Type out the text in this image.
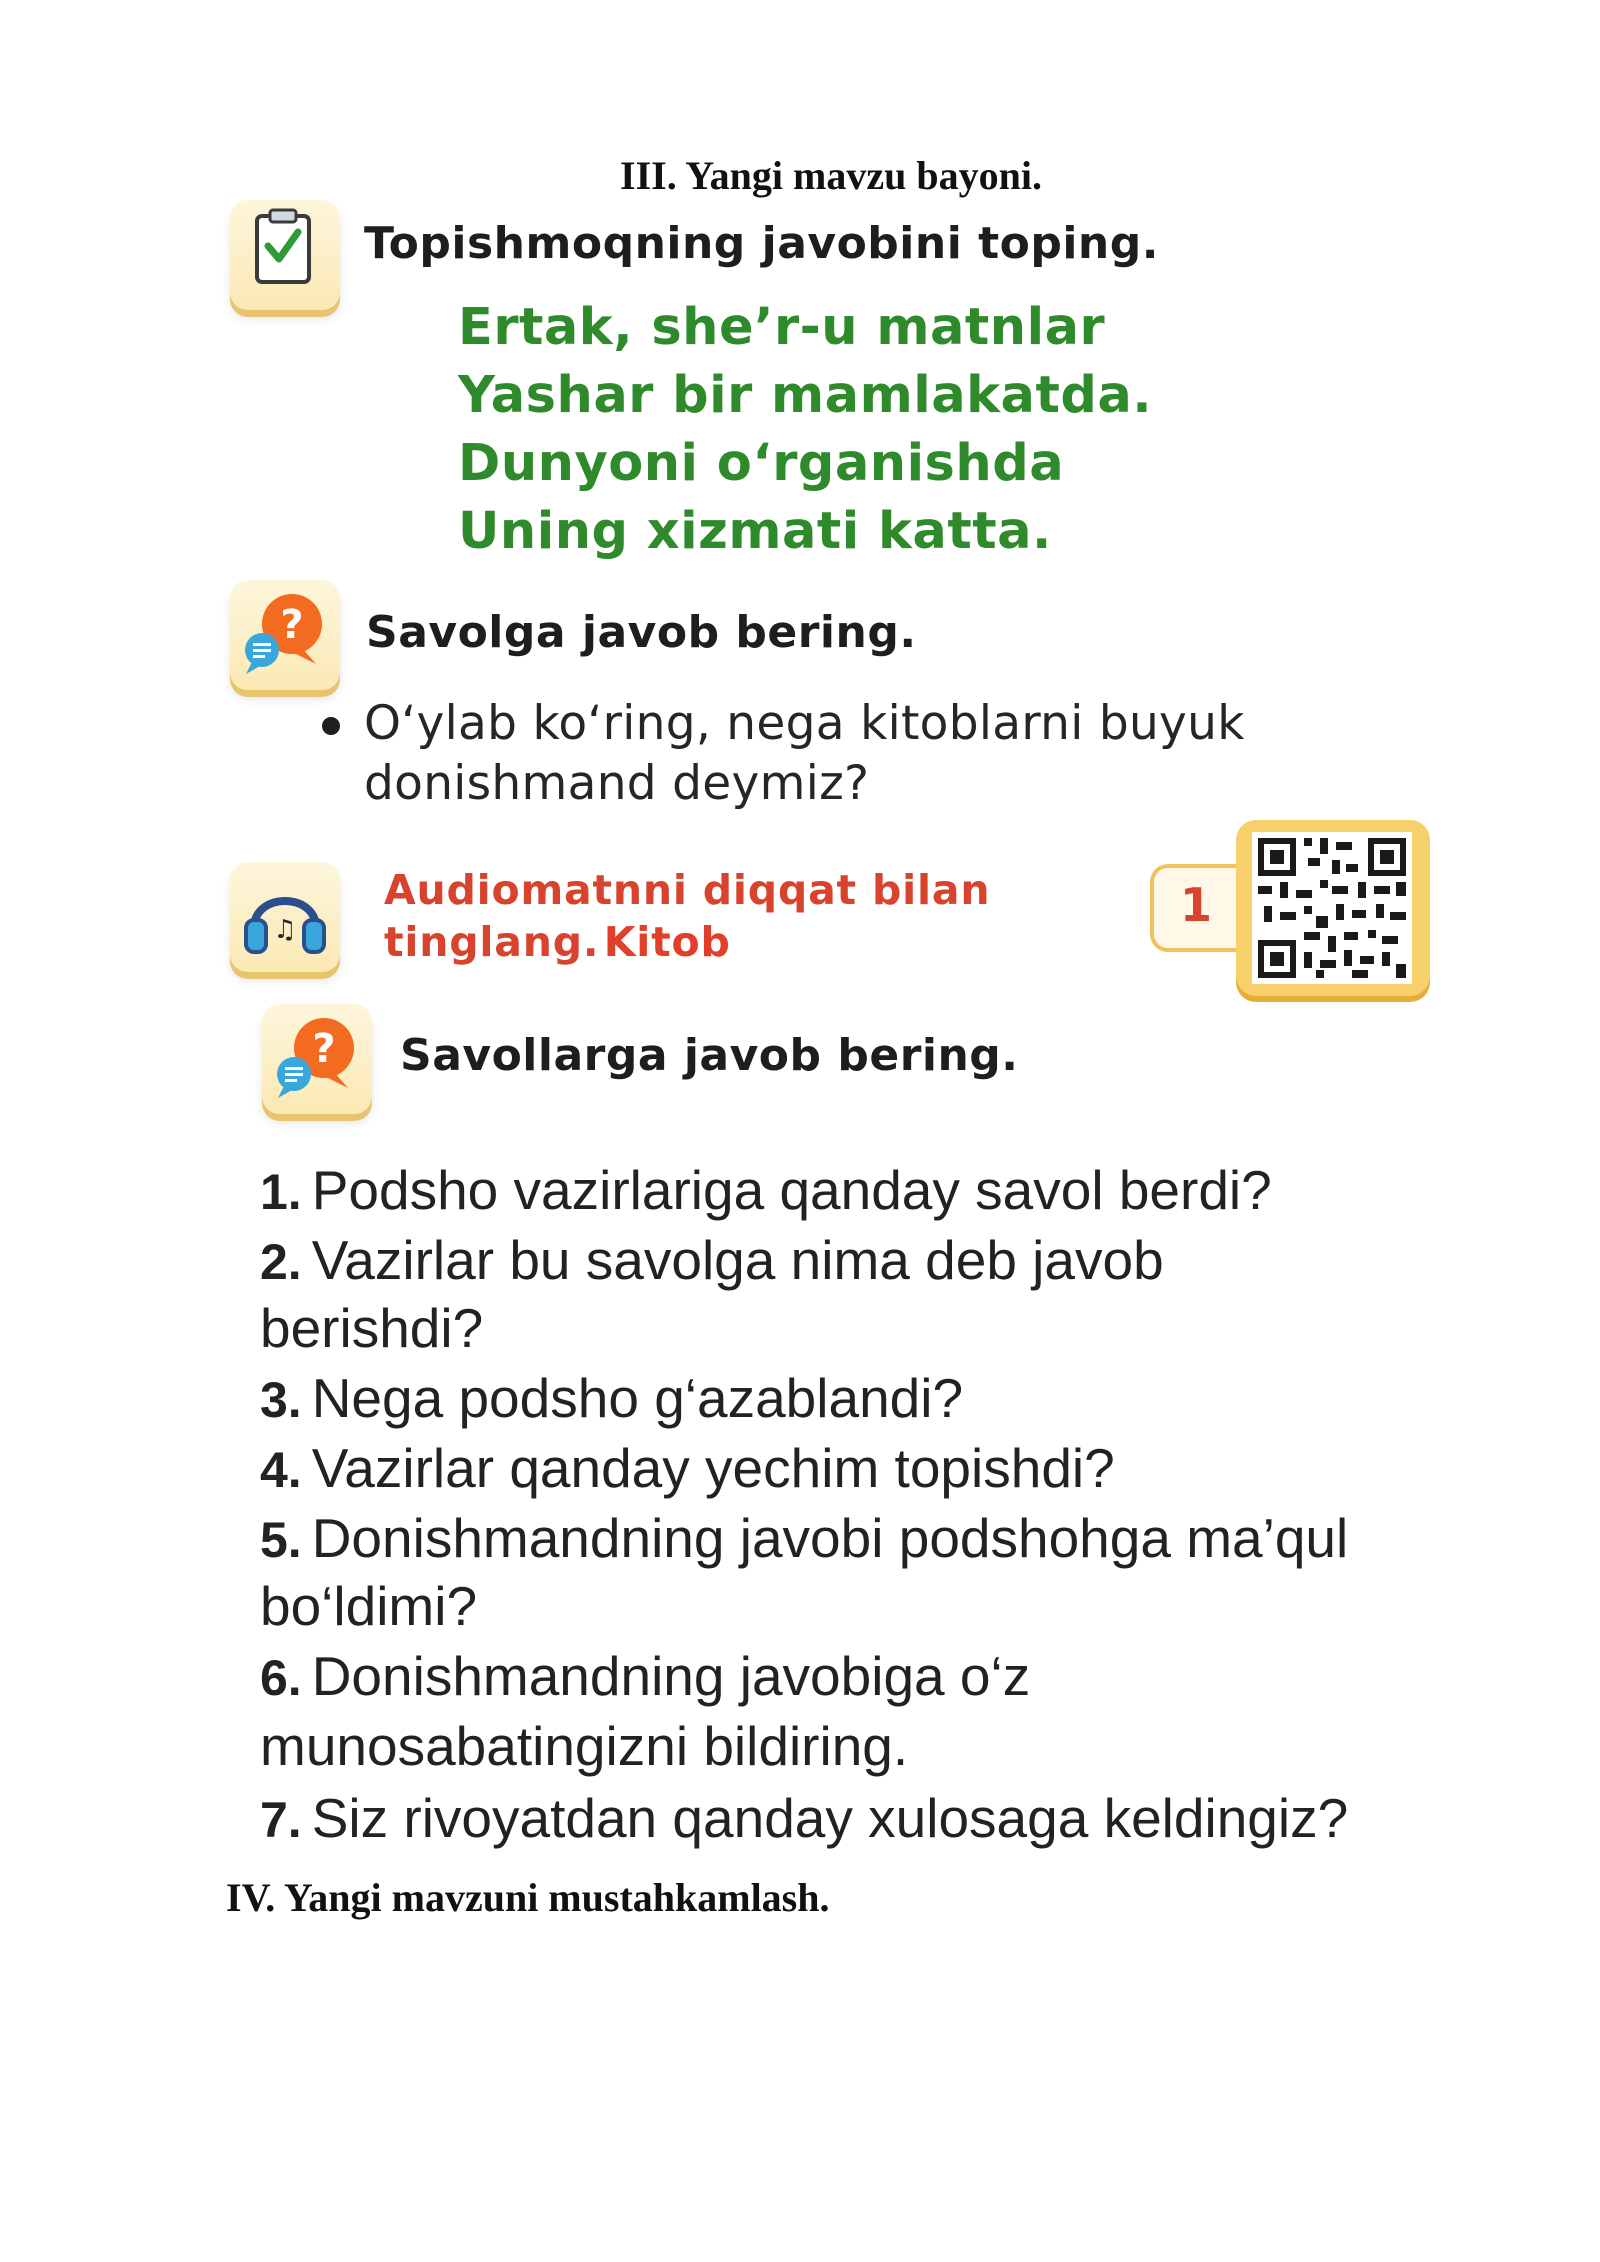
III. Yangi mavzu bayoni.
Topishmoqning javobini toping.
Ertak, she’r-u matnlar
Yashar bir mamlakatda.
Dunyoni o‘rganishda
Uning xizmati katta.
? Savolga javob bering.
O‘ylab ko‘ring, nega kitoblarni buyuk
donishmand deymiz?
♫
Audiomatnni diqqat bilan
tinglang. Kitob
1
? Savollarga javob bering.
1. Podsho vazirlariga qanday savol berdi?
2. Vazirlar bu savolga nima deb javob
berishdi?
3. Nega podsho g‘azablandi?
4. Vazirlar qanday yechim topishdi?
5. Donishmandning javobi podshohga ma’qul
bo‘ldimi?
6. Donishmandning javobiga o‘z
munosabatingizni bildiring.
7. Siz rivoyatdan qanday xulosaga keldingiz?
IV. Yangi mavzuni mustahkamlash.
